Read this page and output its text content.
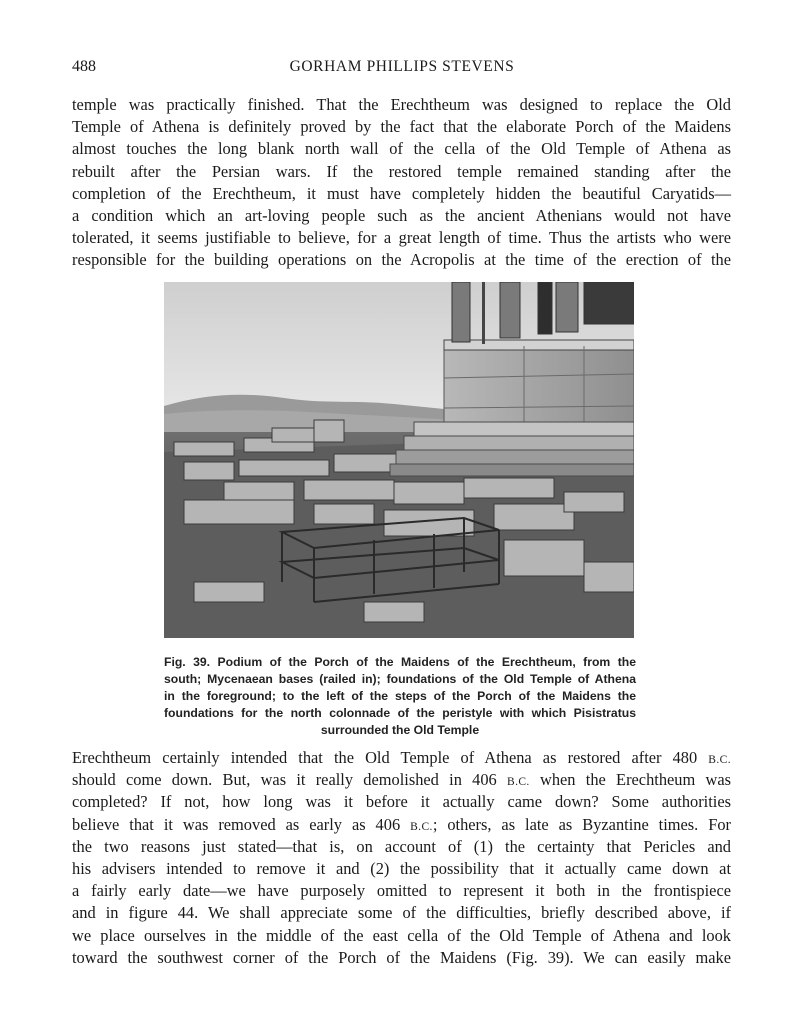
488	GORHAM PHILLIPS STEVENS

temple was practically finished. That the Erechtheum was designed to replace the Old
Temple of Athena is definitely proved by the fact that the elaborate Porch of the Maidens
almost touches the long blank north wall of the cella of the Old Temple of Athena as
rebuilt after the Persian wars. If the restored temple remained standing after the
completion of the Erechtheum, it must have completely hidden the beautiful Caryatids—
a condition which an art-loving people such as the ancient Athenians would not have
tolerated, it seems justifiable to believe, for a great length of time. Thus the artists who were
responsible for the building operations on the Acropolis at the time of the erection of the

Fig. 39. Podium of the Porch of the Maidens of the Erechtheum, from the
south; Mycenaean bases (railed in); foundations of the Old Temple of Athena
in the foreground; to the left of the steps of the Porch of the Maidens the
foundations for the north colonnade of the peristyle with which Pisistratus
surrounded the Old Temple

Erechtheum certainly intended that the Old Temple of Athena as restored after 480 B.C.
should come down. But, was it really demolished in 406 B.C. when the Erechtheum was
completed? If not, how long was it before it actually came down? Some authorities
believe that it was removed as early as 406 B.C.; others, as late as Byzantine times. For
the two reasons just stated—that is, on account of (1) the certainty that Pericles and
his advisers intended to remove it and (2) the possibility that it actually came down at
a fairly early date—we have purposely omitted to represent it both in the frontispiece
and in figure 44. We shall appreciate some of the difficulties, briefly described above, if
we place ourselves in the middle of the east cella of the Old Temple of Athena and look
toward the southwest corner of the Porch of the Maidens (Fig. 39). We can easily make
